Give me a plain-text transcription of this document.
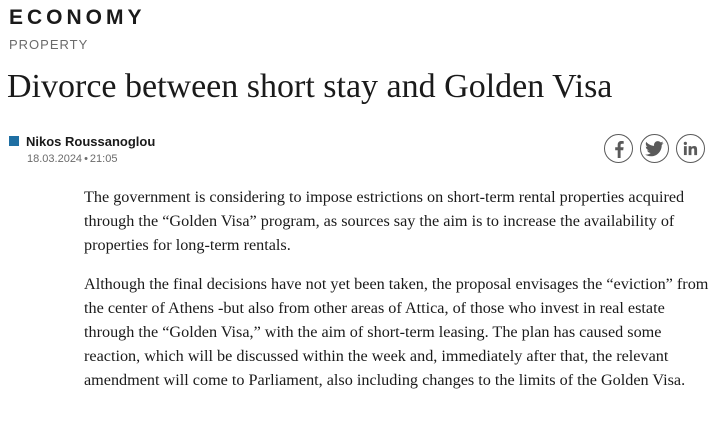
ECONOMY
PROPERTY
Divorce between short stay and Golden Visa
Nikos Roussanoglou
18.03.2024 • 21:05

The government is considering to impose estrictions on short-term rental properties acquired through the “Golden Visa” program, as sources say the aim is to increase the availability of properties for long-term rentals.

Although the final decisions have not yet been taken, the proposal envisages the “eviction” from the center of Athens -but also from other areas of Attica, of those who invest in real estate through the “Golden Visa,” with the aim of short-term leasing. The plan has caused some reaction, which will be discussed within the week and, immediately after that, the relevant amendment will come to Parliament, also including changes to the limits of the Golden Visa.
